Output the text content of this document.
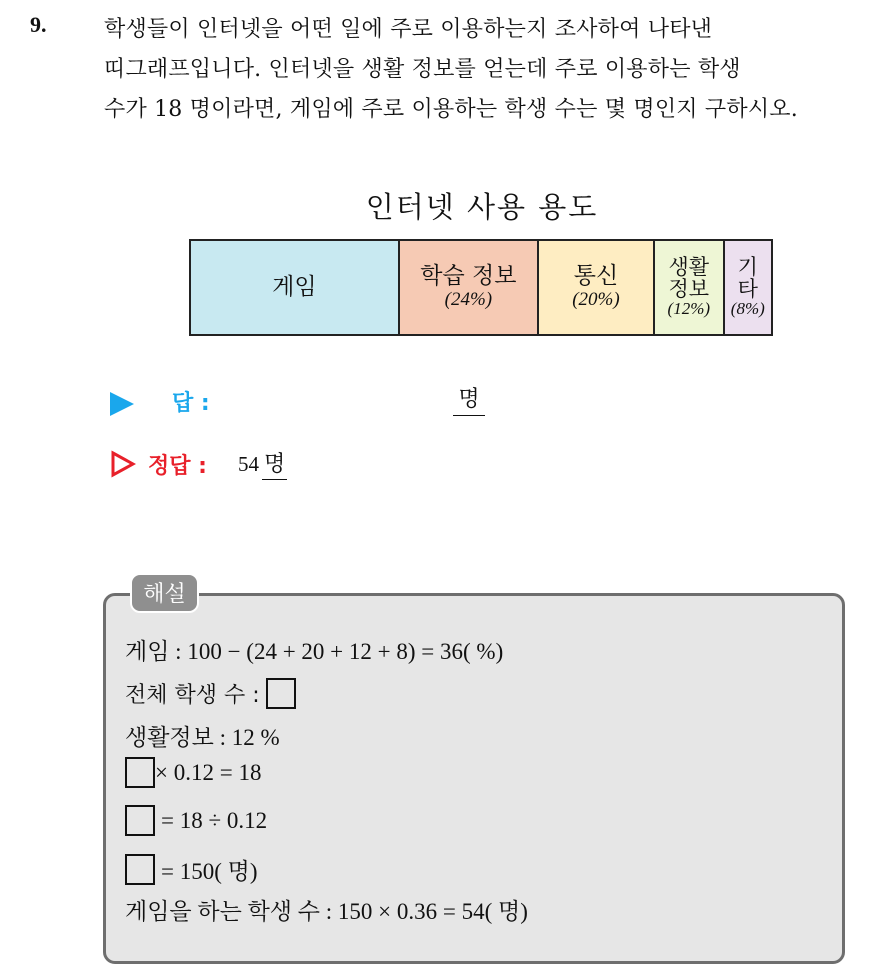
9.	학생들이 인터넷을 어떤 일에 주로 이용하는지 조사하여 나타낸
띠그래프입니다. 인터넷을 생활 정보를 얻는데 주로 이용하는 학생
수가 18 명이라면, 게임에 주로 이용하는 학생 수는 몇 명인지 구하시오.
인터넷 사용 용도
게임	학습 정보
(24%)
통신
(20%)
생활
정보
(12%)
기
타
(8%)
답 :	명
정답 : 54 명
해설
게임 : 100 − (24 + 20 + 12 + 8) = 36( %)
전체 학생 수 :
생활정보 : 12 %
× 0.12 = 18
= 18 ÷ 0.12
= 150( 명)
게임을 하는 학생 수 : 150 × 0.36 = 54( 명)
